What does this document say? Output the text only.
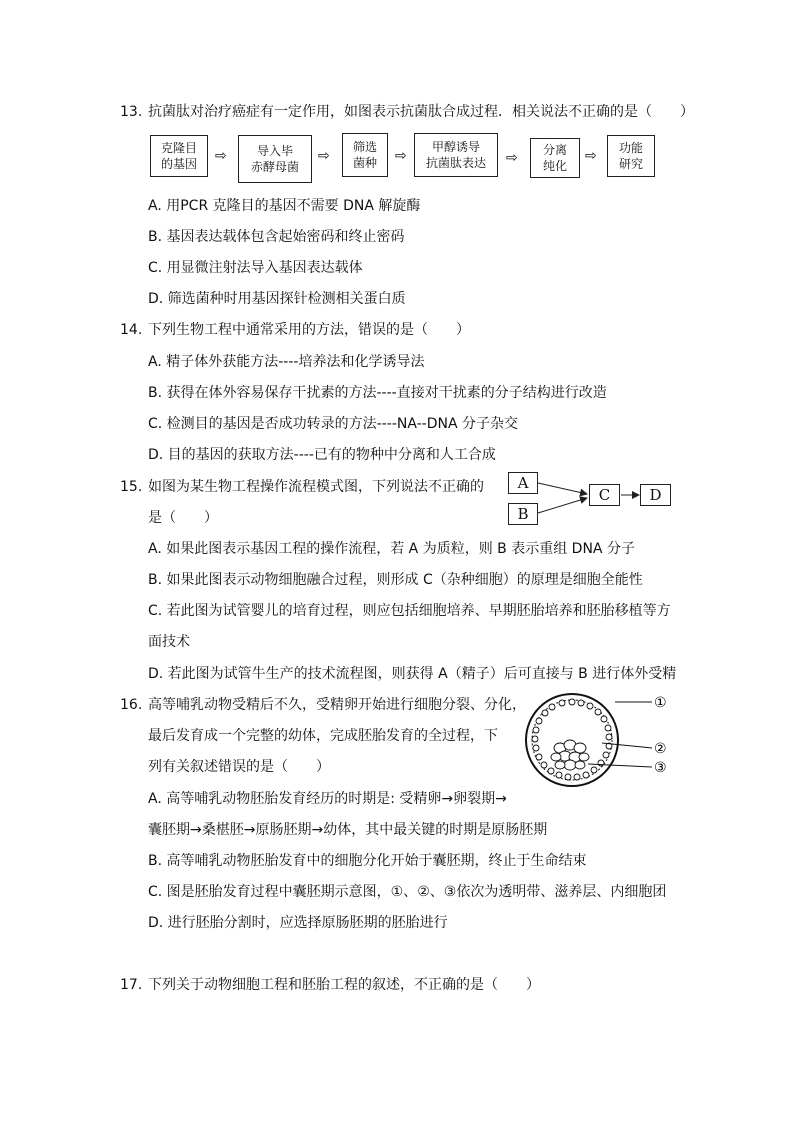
13. 抗菌肽对治疗癌症有一定作用，如图表示抗菌肽合成过程．相关说法不正确的是（　　）
克隆目
的基因	⇨	导入毕
赤酵母菌
⇨
筛选
菌种	⇨
甲醇诱导
抗菌肽表达	⇨	分离
纯化
⇨	功能
研究
A. 用PCR 克隆目的基因不需要 DNA 解旋酶
B. 基因表达载体包含起始密码和终止密码
C. 用显微注射法导入基因表达载体
D. 筛选菌种时用基因探针检测相关蛋白质
14. 下列生物工程中通常采用的方法，错误的是（　　）
A. 精子体外获能方法----培养法和化学诱导法
B. 获得在体外容易保存干扰素的方法----直接对干扰素的分子结构进行改造
C. 检测目的基因是否成功转录的方法----NA--DNA 分子杂交
D. 目的基因的获取方法----已有的物种中分离和人工合成
15. 如图为某生物工程操作流程模式图，下列说法不正确的
是（　　）
A
B
C	D
A. 如果此图表示基因工程的操作流程，若 A 为质粒，则 B 表示重组 DNA 分子
B. 如果此图表示动物细胞融合过程，则形成 C（杂种细胞）的原理是细胞全能性
C. 若此图为试管婴儿的培育过程，则应包括细胞培养、早期胚胎培养和胚胎移植等方
面技术
D. 若此图为试管牛生产的技术流程图，则获得 A（精子）后可直接与 B 进行体外受精
16. 高等哺乳动物受精后不久，受精卵开始进行细胞分裂、分化，
最后发育成一个完整的幼体，完成胚胎发育的全过程，下
列有关叙述错误的是（　　）
①
②
③
A. 高等哺乳动物胚胎发育经历的时期是: 受精卵→卵裂期→
囊胚期→桑椹胚→原肠胚期→幼体，其中最关键的时期是原肠胚期
B. 高等哺乳动物胚胎发育中的细胞分化开始于囊胚期，终止于生命结束
C. 图是胚胎发育过程中囊胚期示意图，①、②、③依次为透明带、滋养层、内细胞团
D. 进行胚胎分割时，应选择原肠胚期的胚胎进行
17. 下列关于动物细胞工程和胚胎工程的叙述，不正确的是（　　）
